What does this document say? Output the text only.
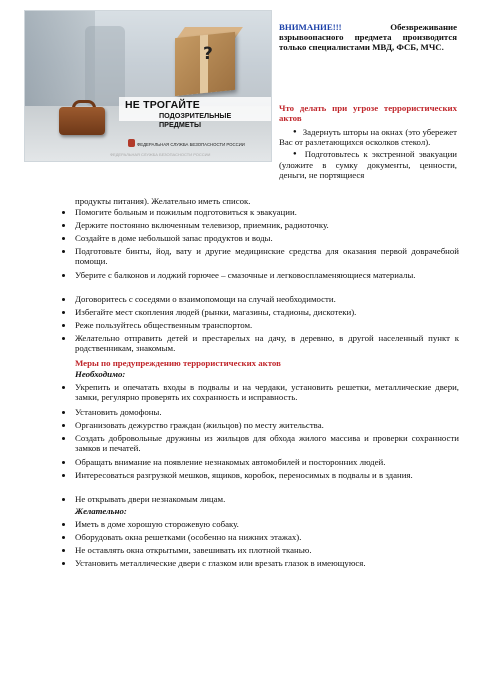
?
НЕ ТРОГАЙТЕ
ПОДОЗРИТЕЛЬНЫЕ ПРЕДМЕТЫ
ФЕДЕРАЛЬНАЯ СЛУЖБА БЕЗОПАСНОСТИ РОССИИ
ФЕДЕРАЛЬНАЯ СЛУЖБА БЕЗОПАСНОСТИ РОССИИ
ВНИМАНИЕ!!!	Обезвреживание взрывоопасного предмета производится только специалистами МВД, ФСБ, МЧС.
Что делать при угрозе террористических актов

● Задернуть шторы на окнах (это убережет Вас от разлетающихся осколков стекол).

● Подготовьтесь к экстренной эвакуации (уложите в сумку документы, ценности, деньги, не портящиеся

продукты питания). Желательно иметь список.
Помогите больным и пожилым подготовиться к эвакуации.
Держите постоянно включенным телевизор, приемник, радиоточку.
Создайте в доме небольшой запас продуктов и воды.
Подготовьте бинты, йод, вату и другие медицинские средства для оказания первой доврачебной помощи.
Уберите с балконов и лоджий горючее – смазочные и легковоспламеняющиеся материалы.
Договоритесь с соседями о взаимопомощи на случай необходимости.
Избегайте мест скопления людей (рынки, магазины, стадионы, дискотеки).
Реже пользуйтесь общественным транспортом.
Желательно отправить детей и престарелых на дачу, в деревню, в другой населенный пункт к родственникам, знакомым.
Меры по предупреждению террористических актов
Необходимо:
Укрепить и опечатать входы в подвалы и на чердаки, установить решетки, металлические двери, замки, регулярно проверять их сохранность и исправность.
Установить домофоны.
Организовать дежурство граждан (жильцов) по месту жительства.
Создать добровольные дружины из жильцов для обхода жилого массива и проверки сохранности замков и печатей.
Обращать внимание на появление незнакомых автомобилей и посторонних людей.
Интересоваться разгрузкой мешков, ящиков, коробок, переносимых в подвалы и в здания.
Не открывать двери незнакомым лицам.
Желательно:
Иметь в доме хорошую сторожевую собаку.
Оборудовать окна решетками (особенно на нижних этажах).
Не оставлять окна открытыми, завешивать их плотной тканью.
Установить металлические двери с глазком или врезать глазок в имеющуюся.
